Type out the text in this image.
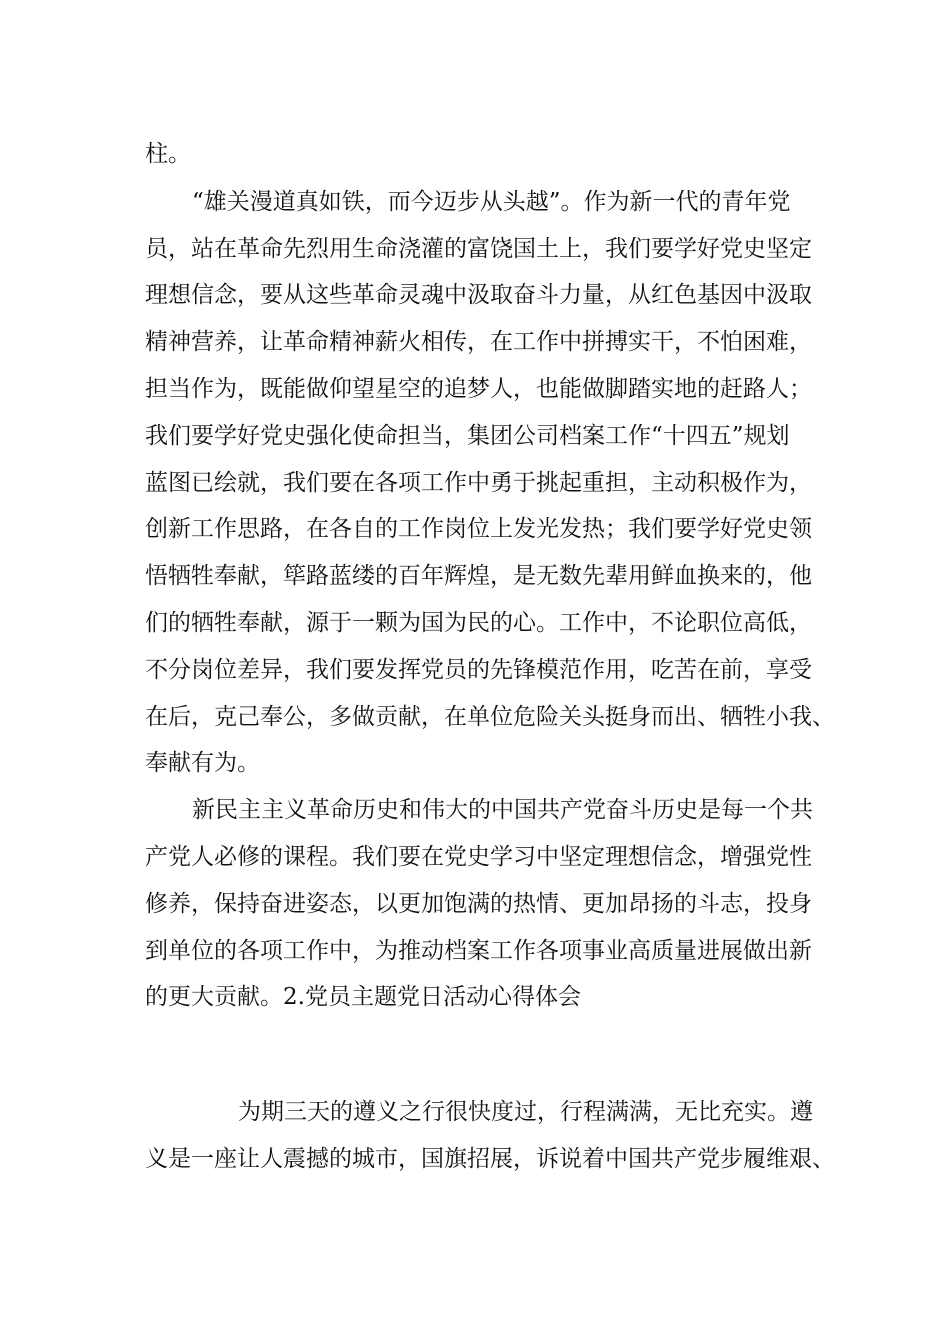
柱。
“雄关漫道真如铁，而今迈步从头越”。作为新一代的青年党
员，站在革命先烈用生命浇灌的富饶国土上，我们要学好党史坚定
理想信念，要从这些革命灵魂中汲取奋斗力量，从红色基因中汲取
精神营养，让革命精神薪火相传，在工作中拼搏实干，不怕困难，
担当作为，既能做仰望星空的追梦人，也能做脚踏实地的赶路人；
我们要学好党史强化使命担当，集团公司档案工作“十四五”规划
蓝图已绘就，我们要在各项工作中勇于挑起重担，主动积极作为，
创新工作思路，在各自的工作岗位上发光发热；我们要学好党史领
悟牺牲奉献，筚路蓝缕的百年辉煌，是无数先辈用鲜血换来的，他
们的牺牲奉献，源于一颗为国为民的心。工作中，不论职位高低，
不分岗位差异，我们要发挥党员的先锋模范作用，吃苦在前，享受
在后，克己奉公，多做贡献，在单位危险关头挺身而出、牺牲小我、
奉献有为。
新民主主义革命历史和伟大的中国共产党奋斗历史是每一个共
产党人必修的课程。我们要在党史学习中坚定理想信念，增强党性
修养，保持奋进姿态，以更加饱满的热情、更加昂扬的斗志，投身
到单位的各项工作中，为推动档案工作各项事业高质量进展做出新
的更大贡献。2.党员主题党日活动心得体会
为期三天的遵义之行很快度过，行程满满，无比充实。遵
义是一座让人震撼的城市，国旗招展，诉说着中国共产党步履维艰、
